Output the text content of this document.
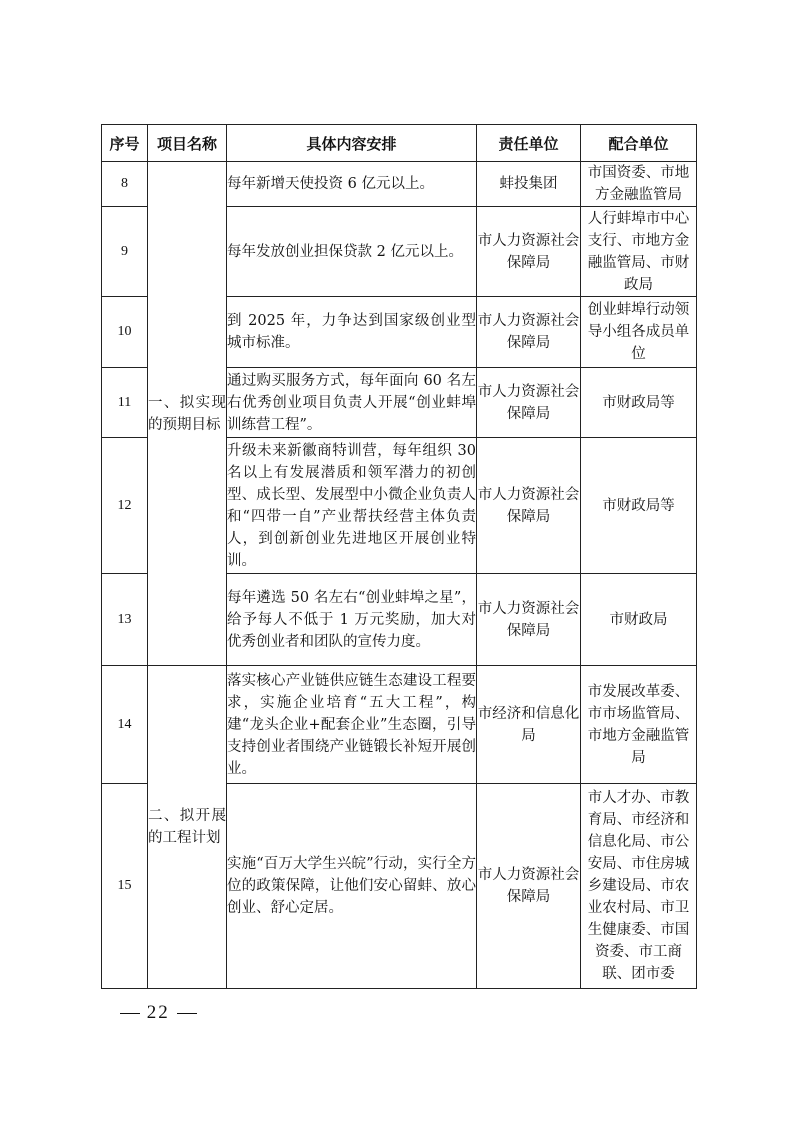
序号	项目名称	具体内容安排	责任单位	配合单位
8	一、拟实现的预期目标	每年新增天使投资 6 亿元以上。	蚌投集团	市国资委、市地方金融监管局
9		每年发放创业担保贷款 2 亿元以上。	市人力资源社会保障局	人行蚌埠市中心支行、市地方金融监管局、市财政局
10		到 2025 年，力争达到国家级创业型城市标准。	市人力资源社会保障局	创业蚌埠行动领导小组各成员单位
11		通过购买服务方式，每年面向 60 名左右优秀创业项目负责人开展“创业蚌埠训练营工程”。	市人力资源社会保障局	市财政局等
12		升级未来新徽商特训营，每年组织 30 名以上有发展潜质和领军潜力的初创型、成长型、发展型中小微企业负责人和“四带一自”产业帮扶经营主体负责人，到创新创业先进地区开展创业特训。	市人力资源社会保障局	市财政局等
13		每年遴选 50 名左右“创业蚌埠之星”，给予每人不低于 1 万元奖励，加大对优秀创业者和团队的宣传力度。	市人力资源社会保障局	市财政局
14	二、拟开展的工程计划	落实核心产业链供应链生态建设工程要求，实施企业培育“五大工程”，构建“龙头企业+配套企业”生态圈，引导支持创业者围绕产业链锻长补短开展创业。	市经济和信息化局	市发展改革委、市市场监管局、市地方金融监管局
15		实施“百万大学生兴皖”行动，实行全方位的政策保障，让他们安心留蚌、放心创业、舒心定居。	市人力资源社会保障局	市人才办、市教育局、市经济和信息化局、市公安局、市住房城乡建设局、市农业农村局、市卫生健康委、市国资委、市工商联、团市委
22
